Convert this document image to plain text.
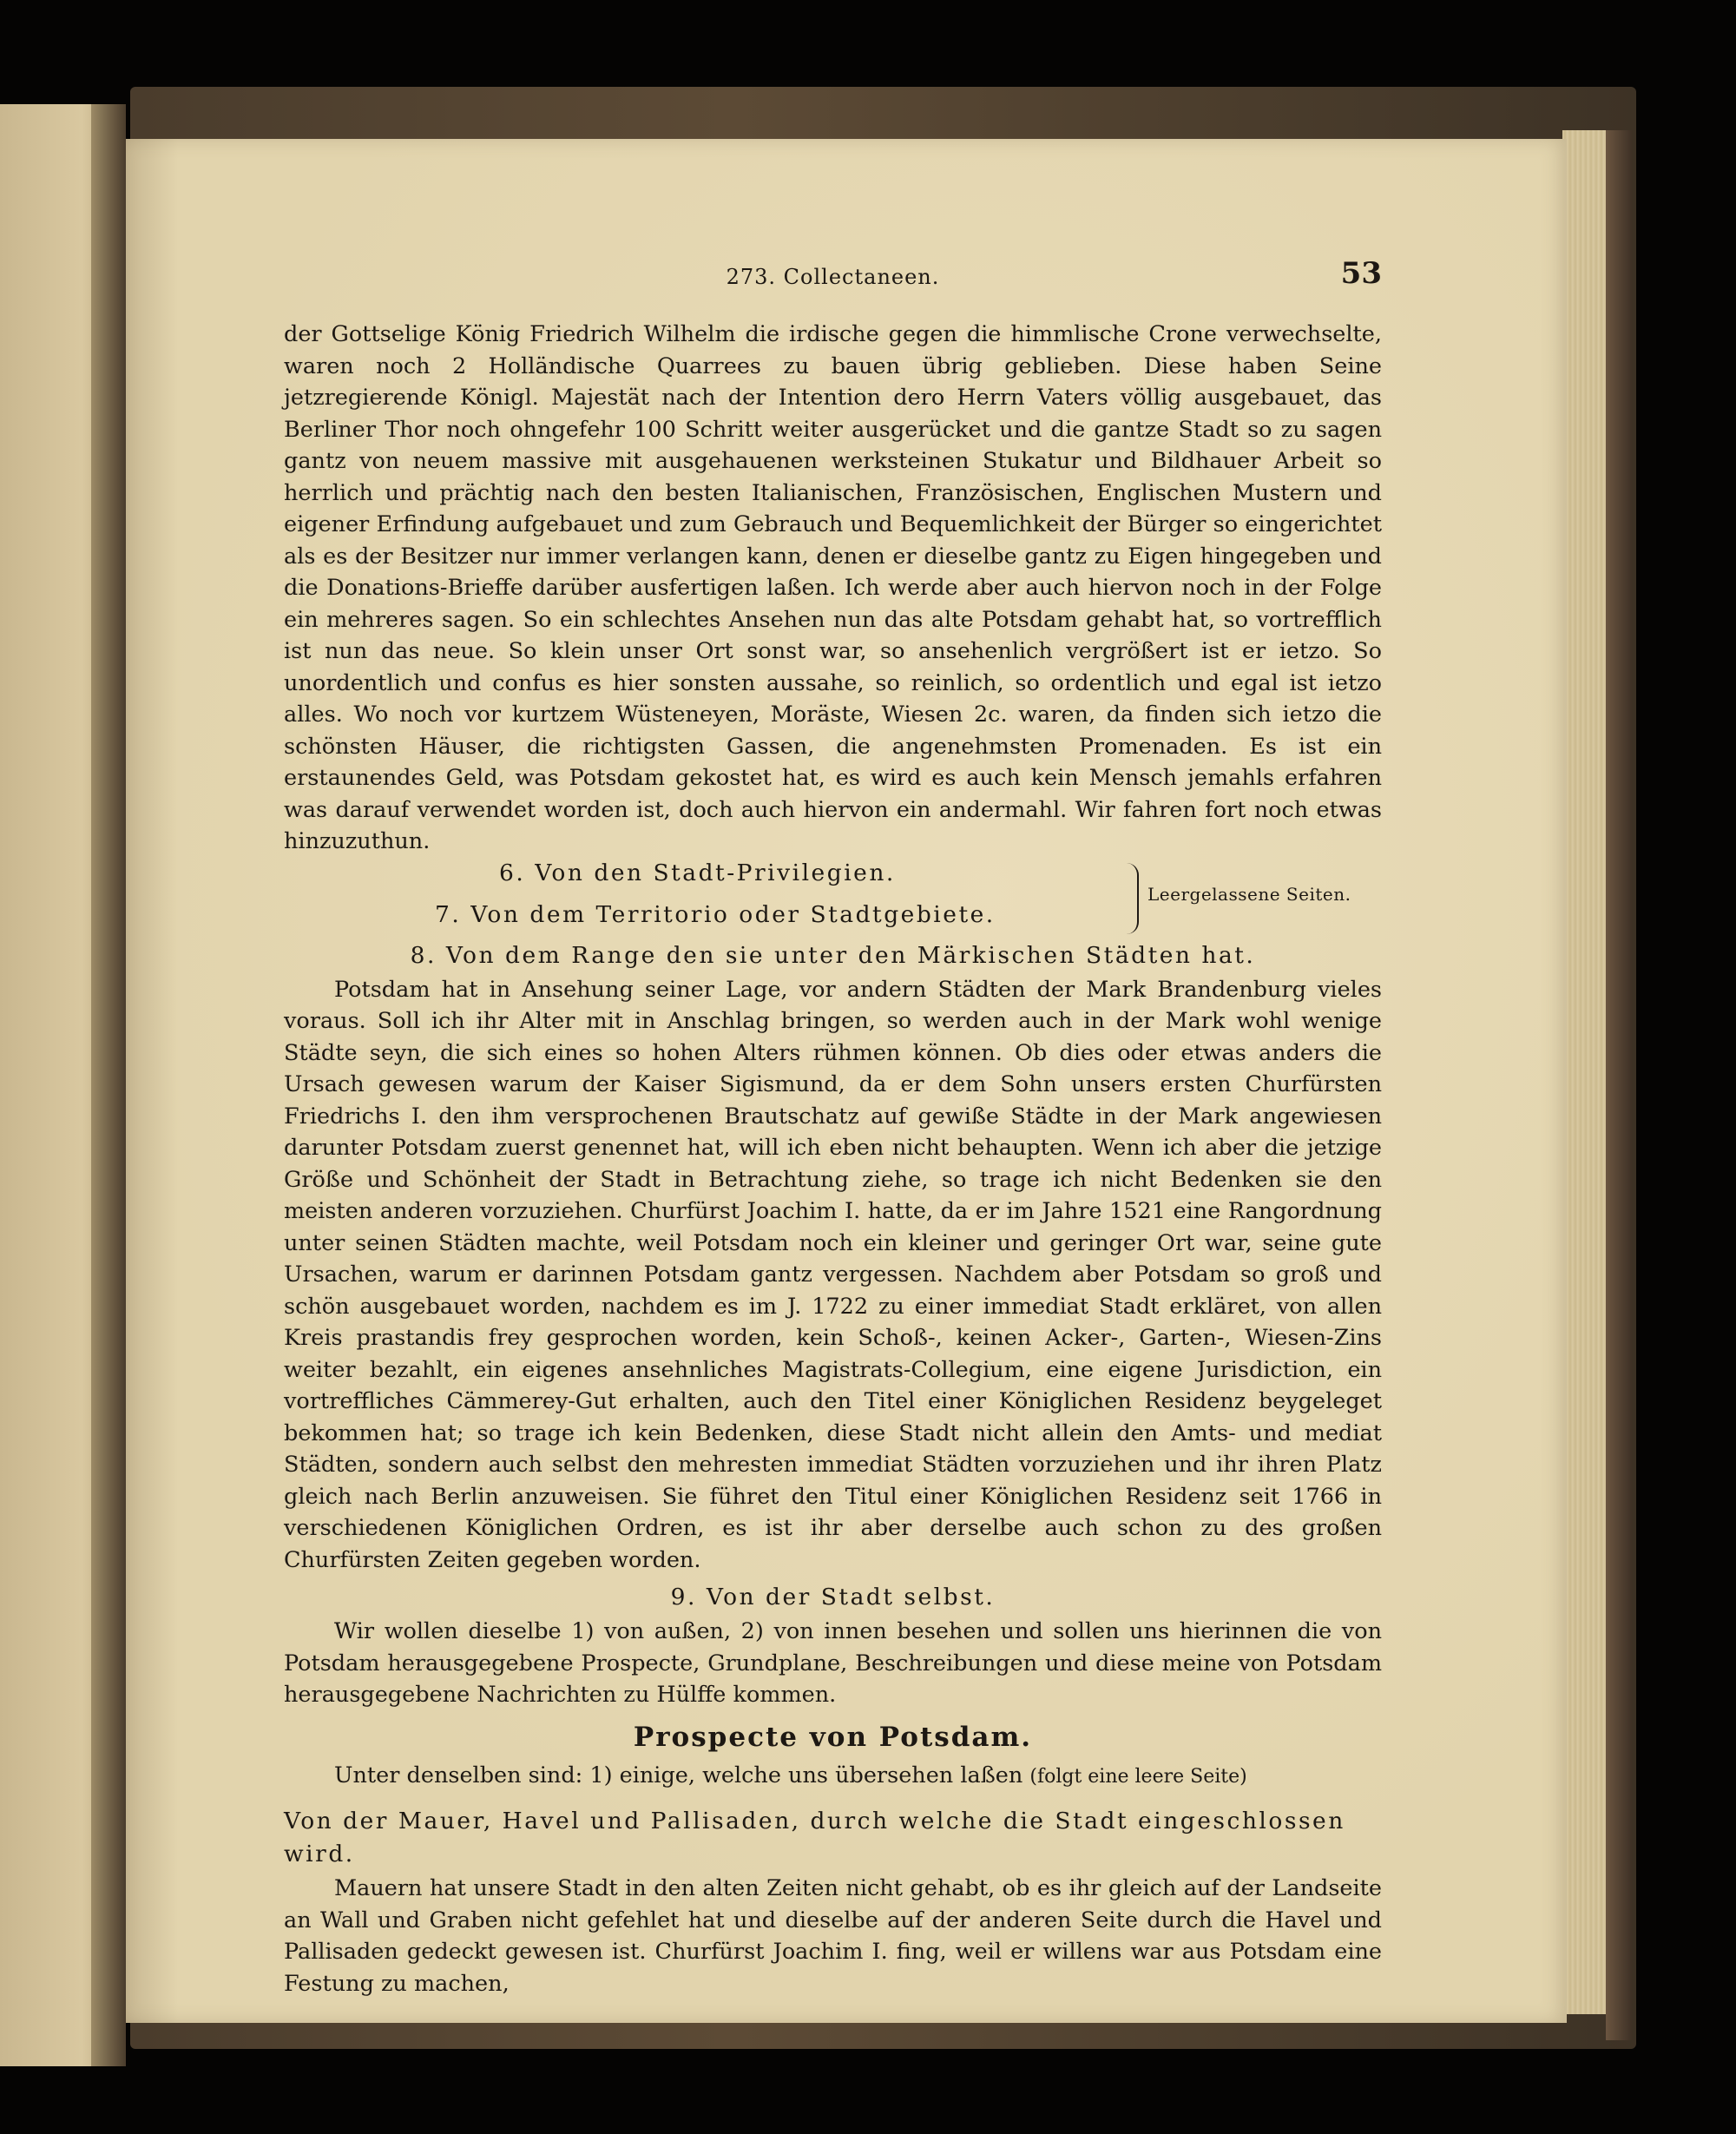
273. Collectaneen.	53

der Gottselige König Friedrich Wilhelm die irdische gegen die himmlische Crone verwechselte, waren noch 2 Holländische Quarrees zu bauen übrig geblieben. Diese haben Seine jetzregierende Königl. Majestät nach der Intention dero Herrn Vaters völlig ausgebauet, das Berliner Thor noch ohngefehr 100 Schritt weiter ausgerücket und die gantze Stadt so zu sagen gantz von neuem massive mit ausgehauenen werksteinen Stukatur und Bildhauer Arbeit so herrlich und prächtig nach den besten Italianischen, Französischen, Englischen Mustern und eigener Erfindung aufgebauet und zum Gebrauch und Bequemlichkeit der Bürger so eingerichtet als es der Besitzer nur immer verlangen kann, denen er dieselbe gantz zu Eigen hingegeben und die Donations-Brieffe darüber ausfertigen laßen. Ich werde aber auch hiervon noch in der Folge ein mehreres sagen. So ein schlechtes Ansehen nun das alte Potsdam gehabt hat, so vortrefflich ist nun das neue. So klein unser Ort sonst war, so ansehenlich vergrößert ist er ietzo. So unordentlich und confus es hier sonsten aussahe, so reinlich, so ordentlich und egal ist ietzo alles. Wo noch vor kurtzem Wüsteneyen, Moräste, Wiesen 2c. waren, da finden sich ietzo die schönsten Häuser, die richtigsten Gassen, die angenehmsten Promenaden. Es ist ein erstaunendes Geld, was Potsdam gekostet hat, es wird es auch kein Mensch jemahls erfahren was darauf verwendet worden ist, doch auch hiervon ein andermahl. Wir fahren fort noch etwas hinzuzuthun.

6. Von den Stadt-Privilegien.
7. Von dem Territorio oder Stadtgebiete.
Leergelassene Seiten.
8. Von dem Range den sie unter den Märkischen Städten hat.

Potsdam hat in Ansehung seiner Lage, vor andern Städten der Mark Brandenburg vieles voraus. Soll ich ihr Alter mit in Anschlag bringen, so werden auch in der Mark wohl wenige Städte seyn, die sich eines so hohen Alters rühmen können. Ob dies oder etwas anders die Ursach gewesen warum der Kaiser Sigismund, da er dem Sohn unsers ersten Churfürsten Friedrichs I. den ihm versprochenen Brautschatz auf gewiße Städte in der Mark angewiesen darunter Potsdam zuerst genennet hat, will ich eben nicht behaupten. Wenn ich aber die jetzige Größe und Schönheit der Stadt in Betrachtung ziehe, so trage ich nicht Bedenken sie den meisten anderen vorzuziehen. Churfürst Joachim I. hatte, da er im Jahre 1521 eine Rangordnung unter seinen Städten machte, weil Potsdam noch ein kleiner und geringer Ort war, seine gute Ursachen, warum er darinnen Potsdam gantz vergessen. Nachdem aber Potsdam so groß und schön ausgebauet worden, nachdem es im J. 1722 zu einer immediat Stadt erkläret, von allen Kreis prastandis frey gesprochen worden, kein Schoß-, keinen Acker-, Garten-, Wiesen-Zins weiter bezahlt, ein eigenes ansehnliches Magistrats-Collegium, eine eigene Jurisdiction, ein vortreffliches Cämmerey-Gut erhalten, auch den Titel einer Königlichen Residenz beygeleget bekommen hat; so trage ich kein Bedenken, diese Stadt nicht allein den Amts- und mediat Städten, sondern auch selbst den mehresten immediat Städten vorzuziehen und ihr ihren Platz gleich nach Berlin anzuweisen. Sie führet den Titul einer Königlichen Residenz seit 1766 in verschiedenen Königlichen Ordren, es ist ihr aber derselbe auch schon zu des großen Churfürsten Zeiten gegeben worden.

9. Von der Stadt selbst.

Wir wollen dieselbe 1) von außen, 2) von innen besehen und sollen uns hierinnen die von Potsdam herausgegebene Prospecte, Grundplane, Beschreibungen und diese meine von Potsdam herausgegebene Nachrichten zu Hülffe kommen.

Prospecte von Potsdam.

Unter denselben sind: 1) einige, welche uns übersehen laßen (folgt eine leere Seite)

Von der Mauer, Havel und Pallisaden, durch welche die Stadt eingeschlossen wird.

Mauern hat unsere Stadt in den alten Zeiten nicht gehabt, ob es ihr gleich auf der Landseite an Wall und Graben nicht gefehlet hat und dieselbe auf der anderen Seite durch die Havel und Pallisaden gedeckt gewesen ist. Churfürst Joachim I. fing, weil er willens war aus Potsdam eine Festung zu machen,
